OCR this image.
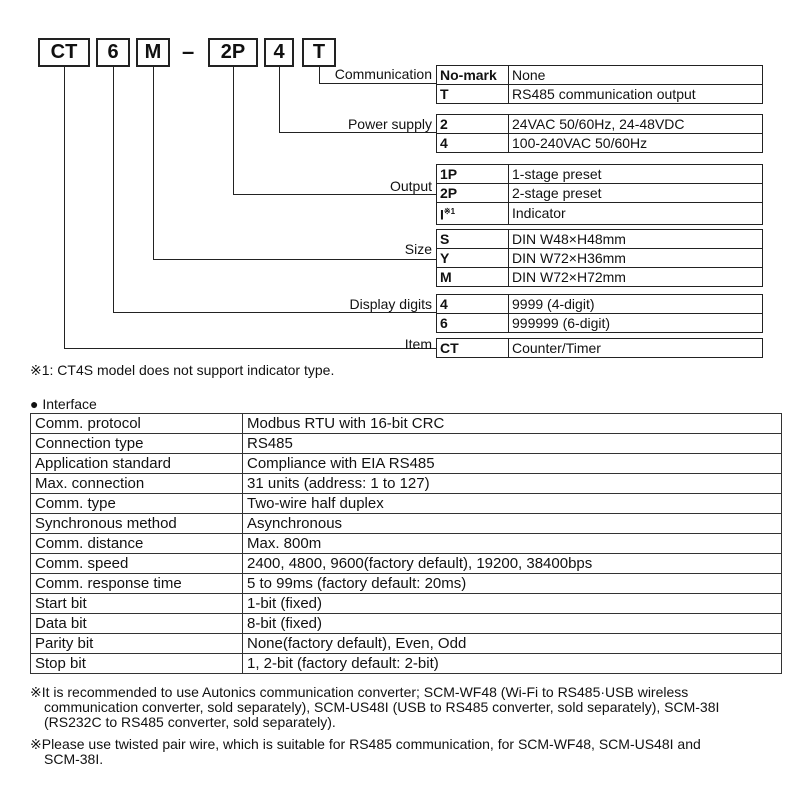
CT	6	M –	2P	4	T
Communication
Power supply
Output
Size
Display digits
Item
No-mark	None
T	RS485 communication output
2	24VAC 50/60Hz, 24-48VDC
4	100-240VAC 50/60Hz
1P	1-stage preset
2P	2-stage preset
$I^{※1}$	Indicator
S	DIN W48×H48mm
Y	DIN W72×H36mm
M	DIN W72×H72mm
4	9999 (4-digit)
6	999999 (6-digit)
CT	Counter/Timer
※1: CT4S model does not support indicator type.
● Interface
Comm. protocol	Modbus RTU with 16-bit CRC
Connection type	RS485
Application standard	Compliance with EIA RS485
Max. connection	31 units (address: 1 to 127)
Comm. type	Two-wire half duplex
Synchronous method	Asynchronous
Comm. distance	Max. 800m
Comm. speed	2400, 4800, 9600(factory default), 19200, 38400bps
Comm. response time	5 to 99ms (factory default: 20ms)
Start bit	1-bit (fixed)
Data bit	8-bit (fixed)
Parity bit	None(factory default), Even, Odd
Stop bit	1, 2-bit (factory default: 2-bit)
※It is recommended to use Autonics communication converter; SCM-WF48 (Wi-Fi to RS485·USB wireless
communication converter, sold separately), SCM-US48I (USB to RS485 converter, sold separately), SCM-38I
(RS232C to RS485 converter, sold separately).
※Please use twisted pair wire, which is suitable for RS485 communication, for SCM-WF48, SCM-US48I and
SCM-38I.
